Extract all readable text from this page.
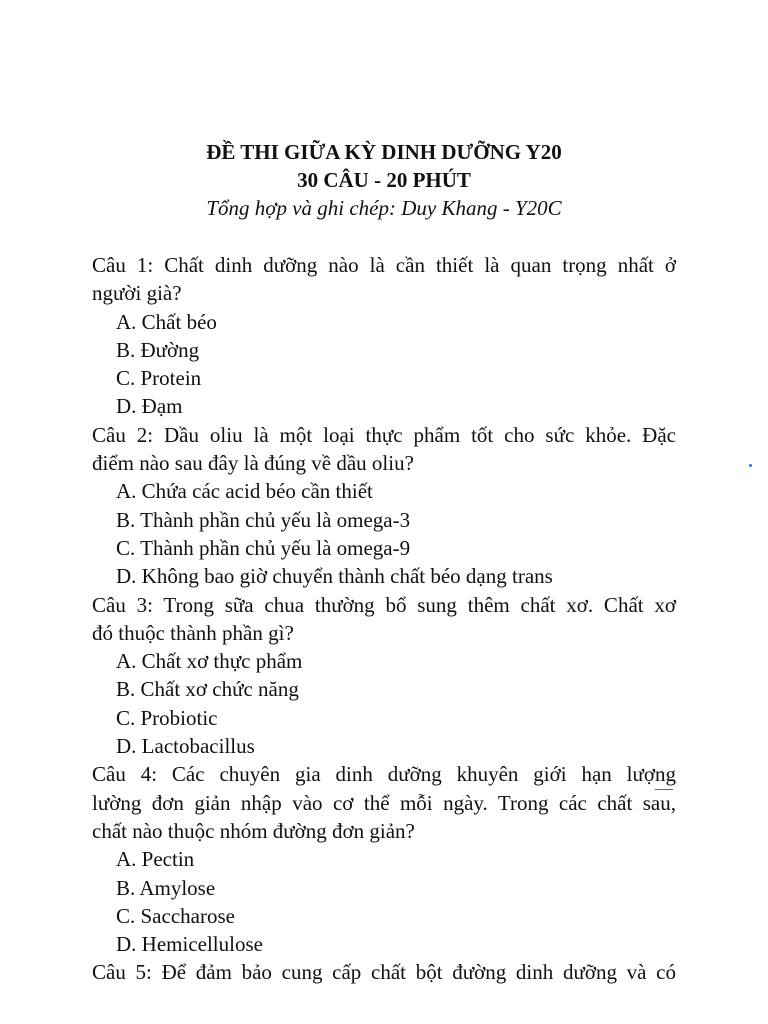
ĐỀ THI GIỮA KỲ DINH DƯỠNG Y20
30 CÂU - 20 PHÚT
Tổng hợp và ghi chép: Duy Khang - Y20C
Câu 1: Chất dinh dưỡng nào là cần thiết là quan trọng nhất ở
người già?
A. Chất béo
B. Đường
C. Protein
D. Đạm
Câu 2: Dầu oliu là một loại thực phẩm tốt cho sức khỏe. Đặc
điểm nào sau đây là đúng về dầu oliu?
A. Chứa các acid béo cần thiết
B. Thành phần chủ yếu là omega-3
C. Thành phần chủ yếu là omega-9
D. Không bao giờ chuyển thành chất béo dạng trans
Câu 3: Trong sữa chua thường bổ sung thêm chất xơ. Chất xơ
đó thuộc thành phần gì?
A. Chất xơ thực phẩm
B. Chất xơ chức năng
C. Probiotic
D. Lactobacillus
Câu 4: Các chuyên gia dinh dưỡng khuyên giới hạn lượng
lường đơn giản nhập vào cơ thể mỗi ngày. Trong các chất sau,
chất nào thuộc nhóm đường đơn giản?
A. Pectin
B. Amylose
C. Saccharose
D. Hemicellulose
Câu 5: Để đảm bảo cung cấp chất bột đường dinh dưỡng và có
